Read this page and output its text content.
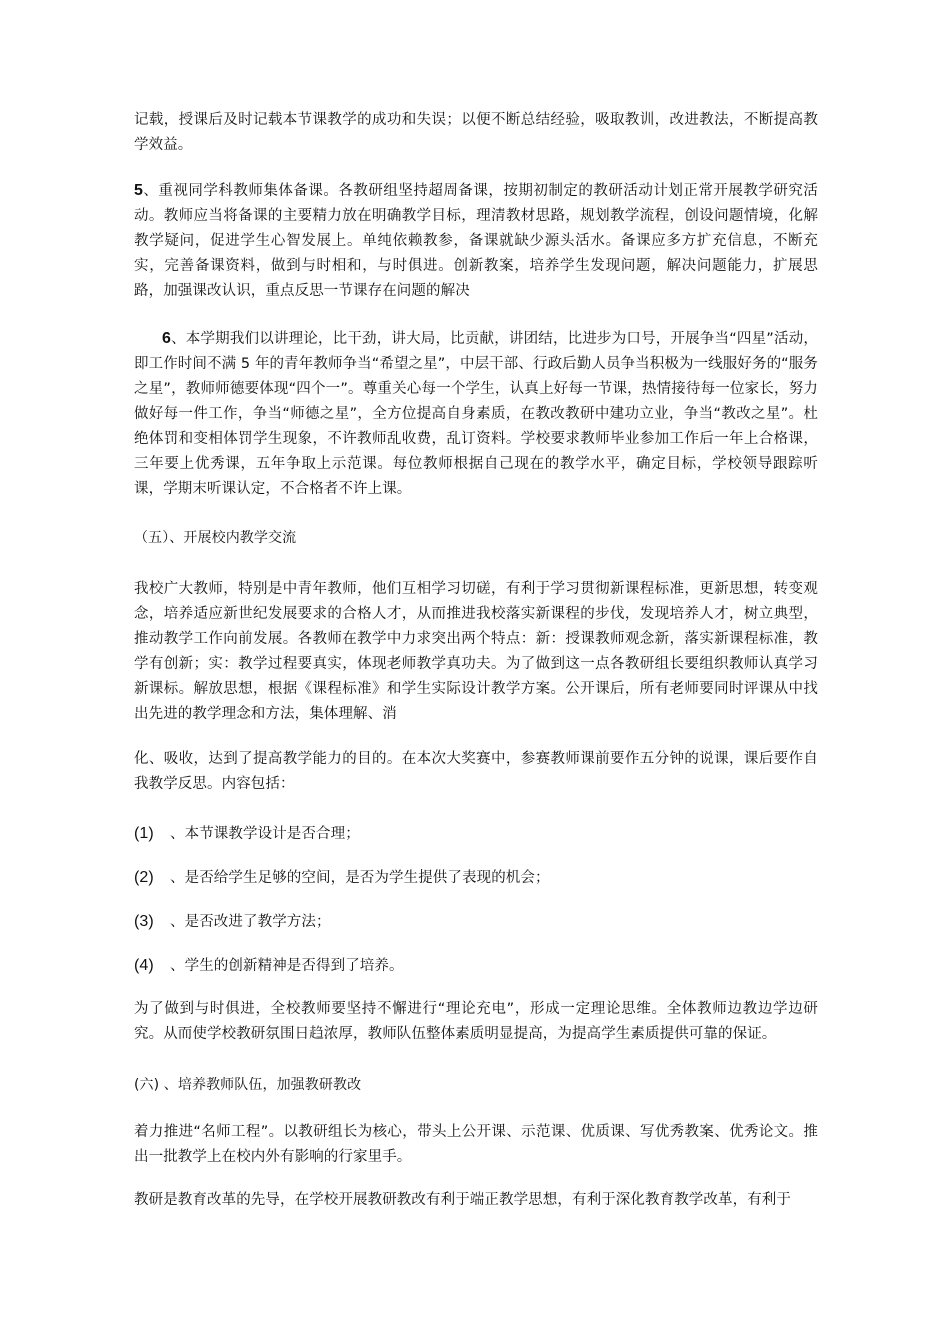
记载，授课后及时记载本节课教学的成功和失误；以便不断总结经验，吸取教训，改进教法，不断提高教学效益。

5、重视同学科教师集体备课。各教研组坚持超周备课，按期初制定的教研活动计划正常开展教学研究活动。教师应当将备课的主要精力放在明确教学目标，理清教材思路，规划教学流程，创设问题情境，化解教学疑问，促进学生心智发展上。单纯依赖教参，备课就缺少源头活水。备课应多方扩充信息，不断充实，完善备课资料，做到与时相和，与时俱进。创新教案，培养学生发现问题，解决问题能力，扩展思路，加强课改认识，重点反思一节课存在问题的解决

6、本学期我们以讲理论，比干劲，讲大局，比贡献，讲团结，比进步为口号，开展争当“四星”活动，即工作时间不满 5 年的青年教师争当“希望之星”，中层干部、行政后勤人员争当积极为一线服好务的“服务之星”，教师师德要体现“四个一”。尊重关心每一个学生，认真上好每一节课，热情接待每一位家长，努力做好每一件工作，争当“师德之星”，全方位提高自身素质，在教改教研中建功立业，争当“教改之星”。杜绝体罚和变相体罚学生现象，不许教师乱收费，乱订资料。学校要求教师毕业参加工作后一年上合格课，三年要上优秀课，五年争取上示范课。每位教师根据自己现在的教学水平，确定目标，学校领导跟踪听课，学期末听课认定，不合格者不许上课。

（五）、开展校内教学交流

我校广大教师，特别是中青年教师，他们互相学习切磋，有利于学习贯彻新课程标准，更新思想，转变观念，培养适应新世纪发展要求的合格人才，从而推进我校落实新课程的步伐，发现培养人才，树立典型，推动教学工作向前发展。各教师在教学中力求突出两个特点：新：授课教师观念新，落实新课程标准，教学有创新；实：教学过程要真实，体现老师教学真功夫。为了做到这一点各教研组长要组织教师认真学习新课标。解放思想，根据《课程标准》和学生实际设计教学方案。公开课后，所有老师要同时评课从中找出先进的教学理念和方法，集体理解、消

化、吸收，达到了提高教学能力的目的。在本次大奖赛中，参赛教师课前要作五分钟的说课，课后要作自我教学反思。内容包括：

(1) 、本节课教学设计是否合理；

(2) 、是否给学生足够的空间，是否为学生提供了表现的机会；

(3) 、是否改进了教学方法；

(4) 、学生的创新精神是否得到了培养。

为了做到与时俱进，全校教师要坚持不懈进行“理论充电”，形成一定理论思维。全体教师边教边学边研究。从而使学校教研氛围日趋浓厚，教师队伍整体素质明显提高，为提高学生素质提供可靠的保证。

(六) 、培养教师队伍，加强教研教改

着力推进“名师工程”。以教研组长为核心，带头上公开课、示范课、优质课、写优秀教案、优秀论文。推出一批教学上在校内外有影响的行家里手。

教研是教育改革的先导，在学校开展教研教改有利于端正教学思想，有利于深化教育教学改革，有利于
